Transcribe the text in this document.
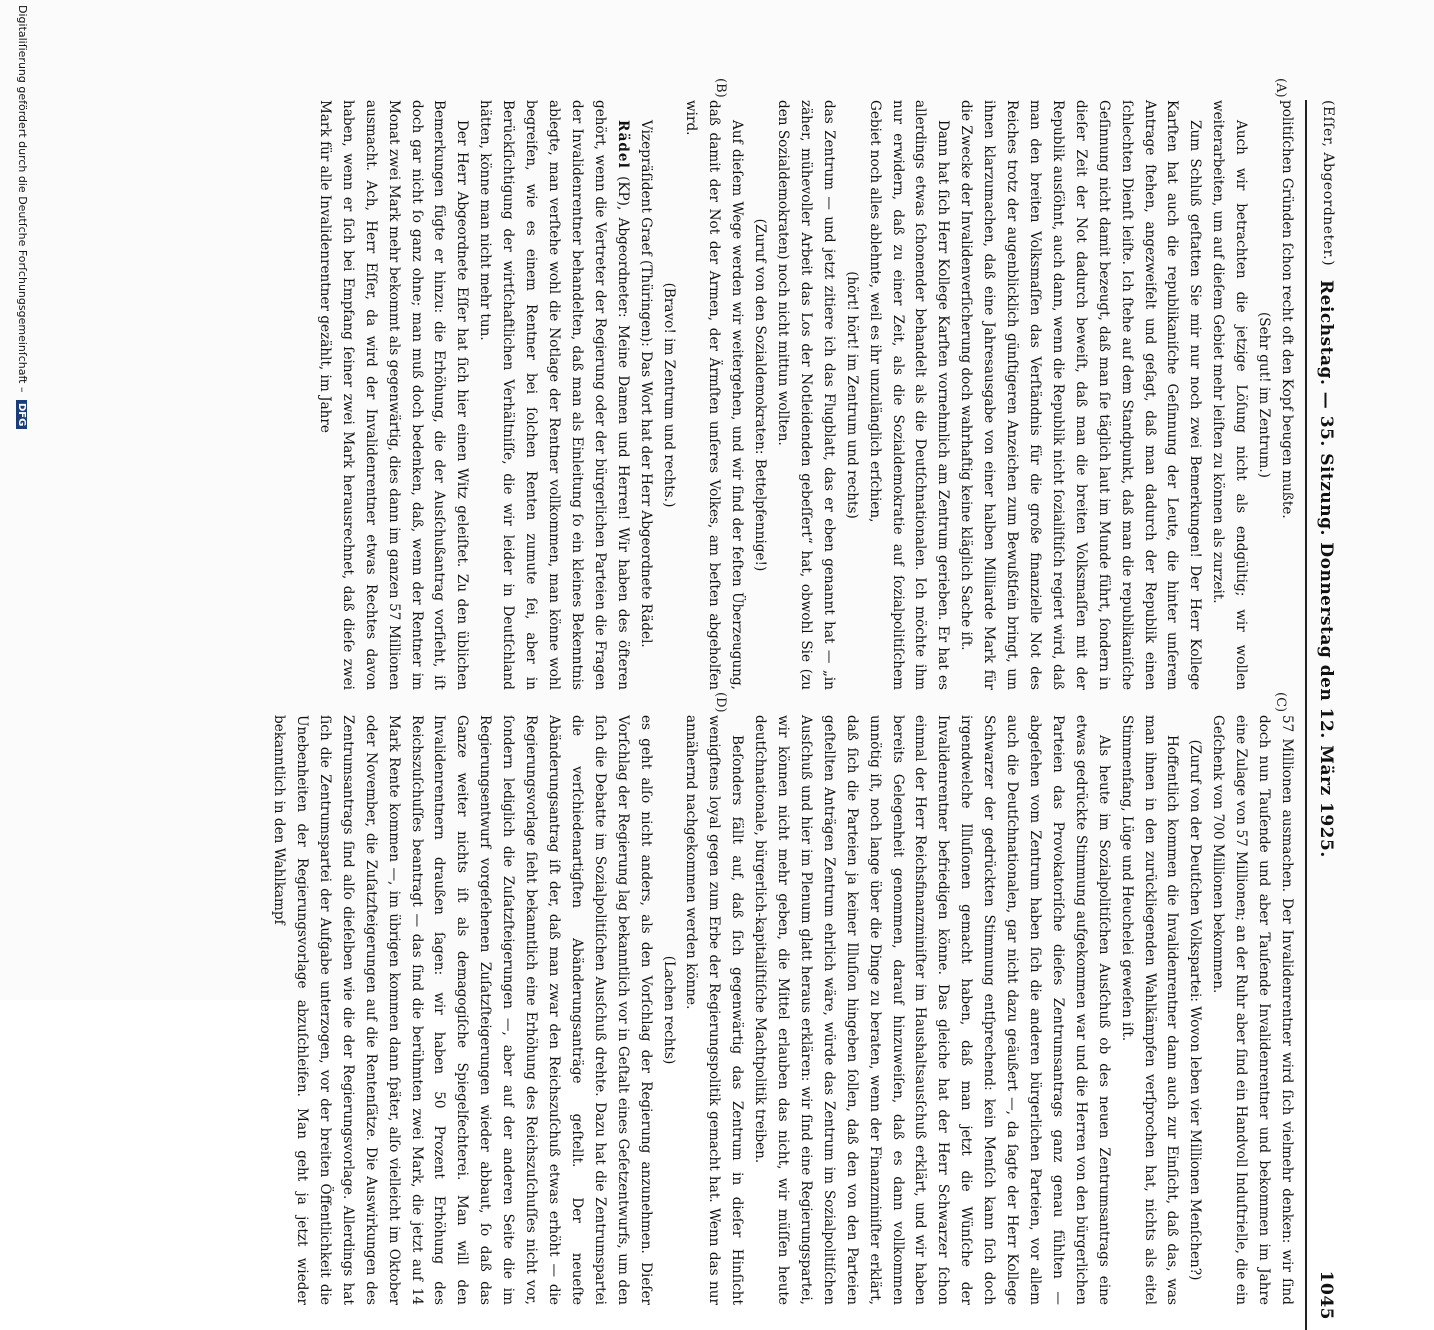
(Eſſer, Abgeordneter.)
Reichstag. — 35. Sitzung. Donnerstag den 12. März 1925.
1045
(A)
(B)
(C)
(D)

politiſchen Gründen ſchon recht oft den Kopf beugen mußte.

(Sehr gut! im Zentrum.)

Auch wir betrachten die jetzige Löſung nicht als endgültig; wir wollen weiterarbeiten, um auf dieſem Gebiet mehr leiſten zu können als zurzeit.

Zum Schluß geſtatten Sie mir nur noch zwei Bemerkungen! Der Herr Kollege Karſten hat auch die republikaniſche Geſinnung der Leute, die hinter unſerem Antrage ſtehen, angezweifelt und geſagt, daß man dadurch der Republik einen ſchlechten Dienſt leiſte. Ich ſtehe auf dem Standpunkt, daß man die republikaniſche Geſinnung nicht damit bezeugt, daß man ſie täglich laut im Munde führt, ſondern in dieſer Zeit der Not dadurch beweiſt, daß man die breiten Volksmaſſen mit der Republik ausſöhnt, auch dann, wenn die Republik nicht ſozialiſtiſch regiert wird, daß man den breiten Volksmaſſen das Verſtändnis für die große finanzielle Not des Reiches trotz der augenblicklich günſtigeren Anzeichen zum Bewußtſein bringt, um ihnen klarzumachen, daß eine Jahresausgabe von einer halben Milliarde Mark für die Zwecke der Invalidenverſicherung doch wahrhaftig keine kläglich Sache iſt.

Dann hat ſich Herr Kollege Karſten vornehmlich am Zentrum gerieben. Er hat es allerdings etwas ſchonender behandelt als die Deutſchnationalen. Ich möchte ihm nur erwidern, daß zu einer Zeit, als die Sozialdemokratie auf ſozialpolitiſchem Gebiet noch alles ablehnte, weil es ihr unzulänglich erſchien,

(hört! hört! im Zentrum und rechts)

das Zentrum — und jetzt zitiere ich das Flugblatt, das er eben genannt hat — „in zäher, mühevoller Arbeit das Los der Notleidenden gebeſſert“ hat, obwohl Sie (zu den Sozialdemokraten) noch nicht mittun wollten.

(Zuruf von den Sozialdemokraten: Bettelpfennige!)

Auf dieſem Wege werden wir weitergehen, und wir ſind der feſten Überzeugung, daß damit der Not der Armen, der Ärmſten unſeres Volkes, am beſten abgeholfen wird.

(Bravo! im Zentrum und rechts.)

Vizepräſident Graef (Thüringen): Das Wort hat der Herr Abgeordnete Rädel.

Rädel (KP), Abgeordneter: Meine Damen und Herren! Wir haben des öfteren gehört, wenn die Vertreter der Regierung oder der bürgerlichen Parteien die Fragen der Invalidenrentner behandelten, daß man als Einleitung ſo ein kleines Bekenntnis ablegte, man verſtehe wohl die Notlage der Rentner vollkommen, man könne wohl begreifen, wie es einem Rentner bei ſolchen Renten zumute ſei, aber in Berückſichtigung der wirtſchaftlichen Verhältniſſe, die wir leider in Deutſchland hätten, könne man nicht mehr tun.

Der Herr Abgeordnete Eſſer hat ſich hier einen Witz geleiſtet. Zu den üblichen Bemerkungen fügte er hinzu: die Erhöhung, die der Ausſchußantrag vorſieht, iſt doch gar nicht ſo ganz ohne; man muß doch bedenken, daß, wenn der Rentner im Monat zwei Mark mehr bekommt als gegenwärtig, dies dann im ganzen 57 Millionen ausmacht. Ach, Herr Eſſer, da wird der Invalidenrentner etwas Rechtes davon haben, wenn er ſich bei Empfang ſeiner zwei Mark herausrechnet, daß dieſe zwei Mark für alle Invalidenrentner gezählt, im Jahre

57 Millionen ausmachen. Der Invalidenrentner wird ſich vielmehr denken: wir ſind doch nun Tauſende und aber Tauſende Invalidenrentner und bekommen im Jahre eine Zulage von 57 Millionen; an der Ruhr aber ſind ein Handvoll Induſtrielle, die ein Geſchenk von 700 Millionen bekommen.

(Zuruf von der Deutſchen Volkspartei: Wovon leben vier Millionen Menſchen?)

Hoffentlich kommen die Invalidenrentner dann auch zur Einſicht, daß das, was man ihnen in den zurückliegenden Wahlkämpfen verſprochen hat, nichts als eitel Stimmenfang, Lüge und Heuchelei geweſen iſt.

Als heute im Sozialpolitiſchen Ausſchuß ob des neuen Zentrumsantrags eine etwas gedrückte Stimmung aufgekommen war und die Herren von den bürgerlichen Parteien das Provokatoriſche dieſes Zentrumsantrags ganz genau fühlten — abgeſehen vom Zentrum haben ſich die anderen bürgerlichen Parteien, vor allem auch die Deutſchnationalen, gar nicht dazu geäußert —, da ſagte der Herr Kollege Schwarzer der gedrückten Stimmung entſprechend: kein Menſch kann ſich doch irgendwelche Illuſionen gemacht haben, daß man jetzt die Wünſche der Invalidenrentner befriedigen könne. Das gleiche hat der Herr Schwarzer ſchon einmal der Herr Reichsfinanzminiſter im Haushaltsausſchuß erklärt, und wir haben bereits Gelegenheit genommen, darauf hinzuweiſen, daß es dann vollkommen unnötig iſt, noch lange über die Dinge zu beraten, wenn der Finanzminiſter erklärt, daß ſich die Parteien ja keiner Illuſion hingeben ſollen, daß den von den Parteien geſtellten Anträgen Zentrum ehrlich wäre, würde das Zentrum im Sozialpolitiſchen Ausſchuß und hier im Plenum glatt heraus erklären: wir ſind eine Regierungspartei, wir können nicht mehr geben, die Mittel erlauben das nicht, wir müſſen heute deutſchnationale, bürgerlich-kapitaliſtiſche Machtpolitik treiben.

Beſonders fällt auf, daß ſich gegenwärtig das Zentrum in dieſer Hinſicht wenigſtens loyal gegen zum Erbe der Regierungspolitik gemacht hat. Wenn das nur annähernd nachgekommen werden könne.

(Lachen rechts)

es geht alſo nicht anders, als den Vorſchlag der Regierung anzunehmen. Dieſer Vorſchlag der Regierung lag bekanntlich vor in Geſtalt eines Geſetzentwurfs, um den ſich die Debatte im Sozialpolitiſchen Ausſchuß drehte. Dazu hat die Zentrumspartei die verſchiedenartigſten Abänderungsanträge geſtellt. Der neueſte Abänderungsantrag iſt der, daß man zwar den Reichszuſchuß etwas erhöht — die Regierungsvorlage ſieht bekanntlich eine Erhöhung des Reichszuſchuſſes nicht vor, ſondern lediglich die Zuſatzſteigerungen —, aber auf der anderen Seite die im Regierungsentwurf vorgeſehenen Zuſatzſteigerungen wieder abbaut, ſo daß das Ganze weiter nichts iſt als demagogiſche Spiegelfechterei. Man will den Invalidenrentnern draußen ſagen: wir haben 50 Prozent Erhöhung des Reichszuſchuſſes beantragt — das ſind die berühmten zwei Mark, die jetzt auf 14 Mark Rente kommen —, im übrigen kommen dann ſpäter, alſo vielleicht im Oktober oder November, die Zuſatzſteigerungen auf die Rentenſätze. Die Auswirkungen des Zentrumsantrags ſind alſo dieſelben wie die der Regierungsvorlage. Allerdings hat ſich die Zentrumspartei der Aufgabe unterzogen, vor der breiten Öffentlichkeit die Unebenheiten der Regierungsvorlage abzuſchleifen. Man geht ja jetzt wieder bekanntlich in den Wahlkampf

Digitaliſierung gefördert durch die Deutſche Forſchungsgemeinſchaft – DFG
